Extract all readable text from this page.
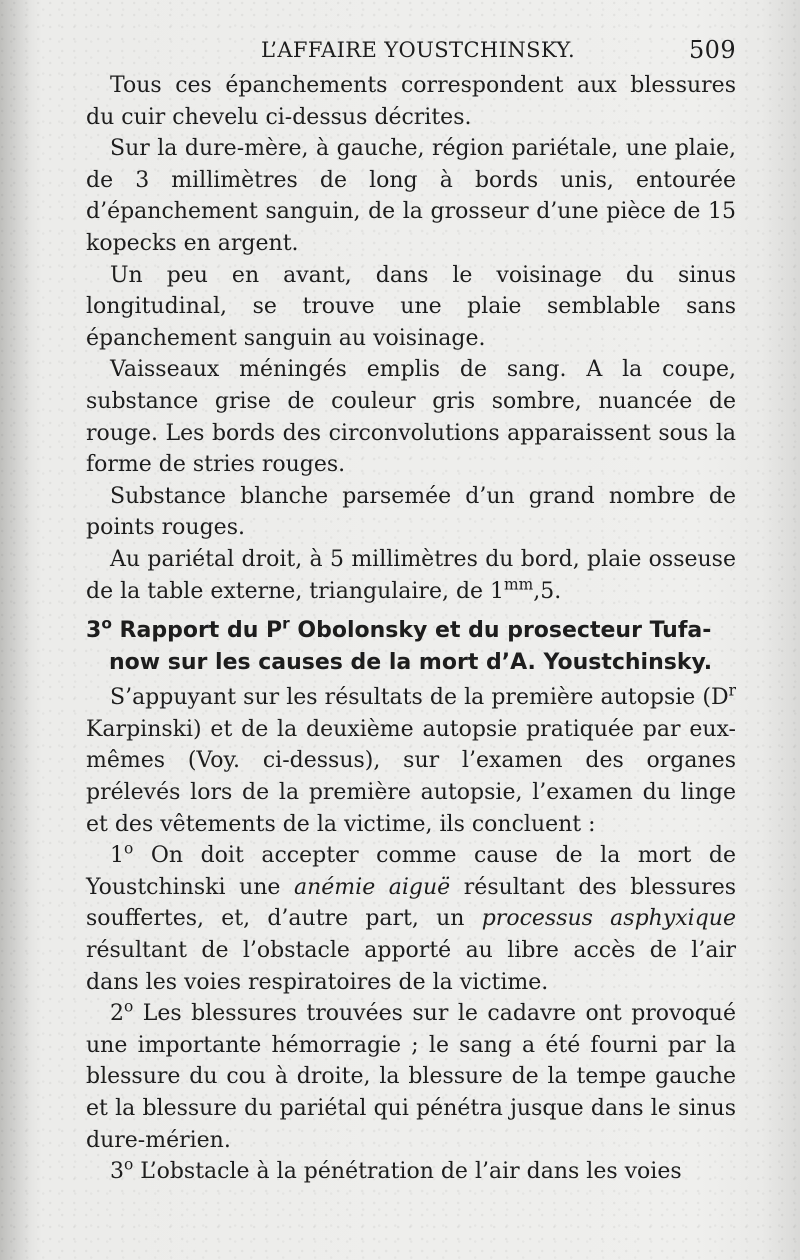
L’AFFAIRE YOUSTCHINSKY.	509

Tous ces épanchements correspondent aux blessures du cuir chevelu ci-dessus décrites.

Sur la dure-mère, à gauche, région pariétale, une plaie, de 3 millimètres de long à bords unis, entourée d’épanchement sanguin, de la grosseur d’une pièce de 15 kopecks en argent.

Un peu en avant, dans le voisinage du sinus longitudinal, se trouve une plaie semblable sans épanchement sanguin au voisinage.

Vaisseaux méningés emplis de sang. A la coupe, substance grise de couleur gris sombre, nuancée de rouge. Les bords des circonvolutions apparaissent sous la forme de stries rouges.

Substance blanche parsemée d’un grand nombre de points rouges.

Au pariétal droit, à 5 millimètres du bord, plaie osseuse de la table externe, triangulaire, de $1^{mm},5$.

3$^o$ Rapport du $P^r$ Obolonsky et du prosecteur Tufa-
now sur les causes de la mort d’A. Youstchinsky.

S’appuyant sur les résultats de la première autopsie ($D^r$ Karpinski) et de la deuxième autopsie pratiquée par eux-mêmes (Voy. ci-dessus), sur l’examen des organes prélevés lors de la première autopsie, l’examen du linge et des vêtements de la victime, ils concluent :

1$^o$ On doit accepter comme cause de la mort de Youstchinski une anémie aiguë résultant des blessures souffertes, et, d’autre part, un processus asphyxique résultant de l’obstacle apporté au libre accès de l’air dans les voies respiratoires de la victime.

2$^o$ Les blessures trouvées sur le cadavre ont provoqué une importante hémorragie ; le sang a été fourni par la blessure du cou à droite, la blessure de la tempe gauche et la blessure du pariétal qui pénétra jusque dans le sinus dure-mérien.

3$^o$ L’obstacle à la pénétration de l’air dans les voies
